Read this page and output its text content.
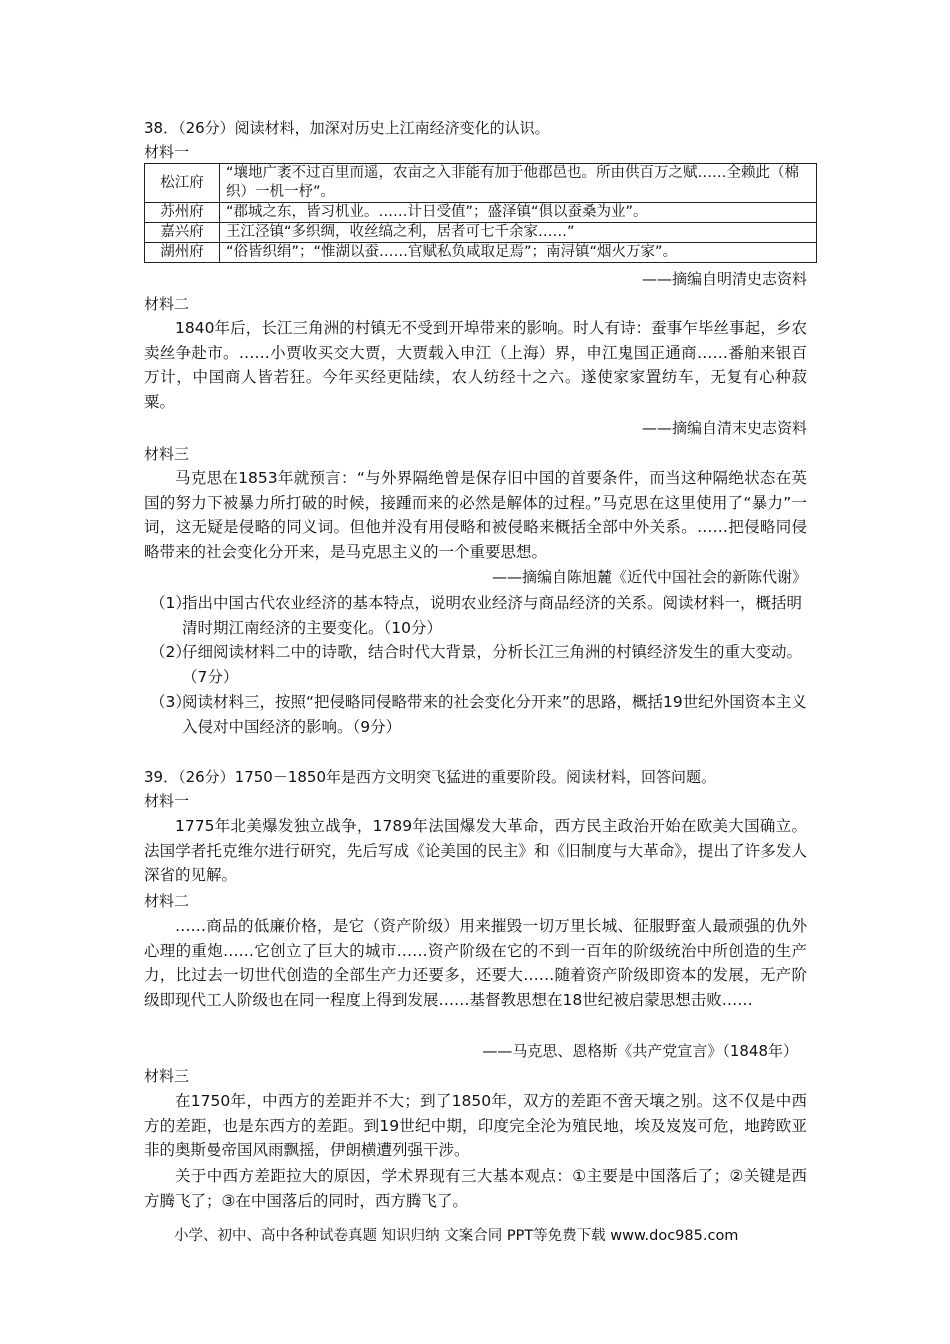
38．（26分）阅读材料，加深对历史上江南经济变化的认识。
材料一
松江府	“壤地广袤不过百里而遥，农亩之入非能有加于他郡邑也。所由供百万之赋……全赖此（棉织）一机一杼”。
苏州府	“郡城之东，皆习机业。……计日受值”；盛泽镇“俱以蚕桑为业”。
嘉兴府	王江泾镇“多织绸，收丝缟之利，居者可七千余家……”
湖州府	“俗皆织绢”；“惟湖以蚕……官赋私负咸取足焉”；南浔镇“烟火万家”。
——摘编自明清史志资料
材料二
1840年后，长江三角洲的村镇无不受到开埠带来的影响。时人有诗：蚕事乍毕丝事起，乡农卖丝争赴市。……小贾收买交大贾，大贾载入申江（上海）界，申江鬼国正通商……番舶来银百万计，中国商人皆若狂。今年买经更陆续，农人纺经十之六。遂使家家置纺车，无复有心种菽粟。
——摘编自清末史志资料
材料三
马克思在1853年就预言：“与外界隔绝曾是保存旧中国的首要条件，而当这种隔绝状态在英国的努力下被暴力所打破的时候，接踵而来的必然是解体的过程。”马克思在这里使用了“暴力”一词，这无疑是侵略的同义词。但他并没有用侵略和被侵略来概括全部中外关系。……把侵略同侵略带来的社会变化分开来，是马克思主义的一个重要思想。
——摘编自陈旭麓《近代中国社会的新陈代谢》
（1）
指出中国古代农业经济的基本特点，说明农业经济与商品经济的关系。阅读材料一，概括明清时期江南经济的主要变化。（10分）
（2）
仔细阅读材料二中的诗歌，结合时代大背景，分析长江三角洲的村镇经济发生的重大变动。（7分）
（3）
阅读材料三，按照“把侵略同侵略带来的社会变化分开来”的思路，概括19世纪外国资本主义入侵对中国经济的影响。（9分）
39．（26分）1750－1850年是西方文明突飞猛进的重要阶段。阅读材料，回答问题。
材料一
1775年北美爆发独立战争，1789年法国爆发大革命，西方民主政治开始在欧美大国确立。法国学者托克维尔进行研究，先后写成《论美国的民主》和《旧制度与大革命》，提出了许多发人深省的见解。
材料二
……商品的低廉价格，是它（资产阶级）用来摧毁一切万里长城、征服野蛮人最顽强的仇外心理的重炮……它创立了巨大的城市……资产阶级在它的不到一百年的阶级统治中所创造的生产力，比过去一切世代创造的全部生产力还要多，还要大……随着资产阶级即资本的发展，无产阶级即现代工人阶级也在同一程度上得到发展……基督教思想在18世纪被启蒙思想击败……
——马克思、恩格斯《共产党宣言》（1848年）
材料三
在1750年，中西方的差距并不大；到了1850年，双方的差距不啻天壤之别。这不仅是中西方的差距，也是东西方的差距。到19世纪中期，印度完全沦为殖民地，埃及岌岌可危，地跨欧亚非的奥斯曼帝国风雨飘摇，伊朗横遭列强干涉。
关于中西方差距拉大的原因，学术界现有三大基本观点：①主要是中国落后了；②关键是西方腾飞了；③在中国落后的同时，西方腾飞了。
小学、初中、高中各种试卷真题 知识归纳 文案合同 PPT等免费下载 www.doc985.com
